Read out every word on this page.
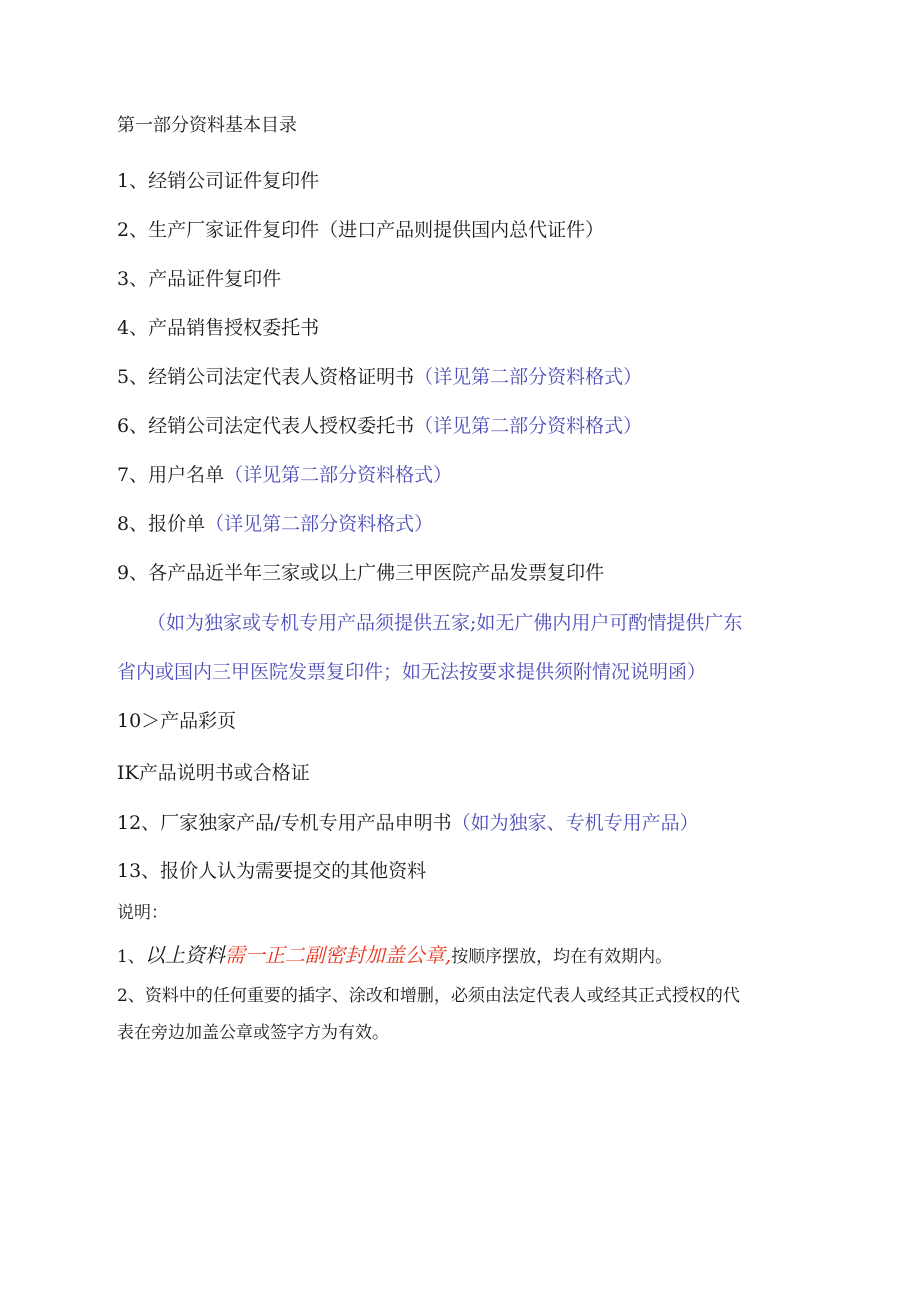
第一部分资料基本目录
1、经销公司证件复印件
2、生产厂家证件复印件（进口产品则提供国内总代证件）
3、产品证件复印件
4、产品销售授权委托书
5、经销公司法定代表人资格证明书（详见第二部分资料格式）
6、经销公司法定代表人授权委托书（详见第二部分资料格式）
7、用户名单（详见第二部分资料格式）
8、报价单（详见第二部分资料格式）
9、各产品近半年三家或以上广佛三甲医院产品发票复印件
（如为独家或专机专用产品须提供五家;如无广佛内用户可酌情提供广东
省内或国内三甲医院发票复印件；如无法按要求提供须附情况说明函）
10＞产品彩页
IK产品说明书或合格证
12、厂家独家产品/专机专用产品申明书（如为独家、专机专用产品）
13、报价人认为需要提交的其他资料
说明：
1、以上资料需一正二副密封加盖公章,按顺序摆放，均在有效期内。
2、资料中的任何重要的插字、涂改和增删，必须由法定代表人或经其正式授权的代
表在旁边加盖公章或签字方为有效。
